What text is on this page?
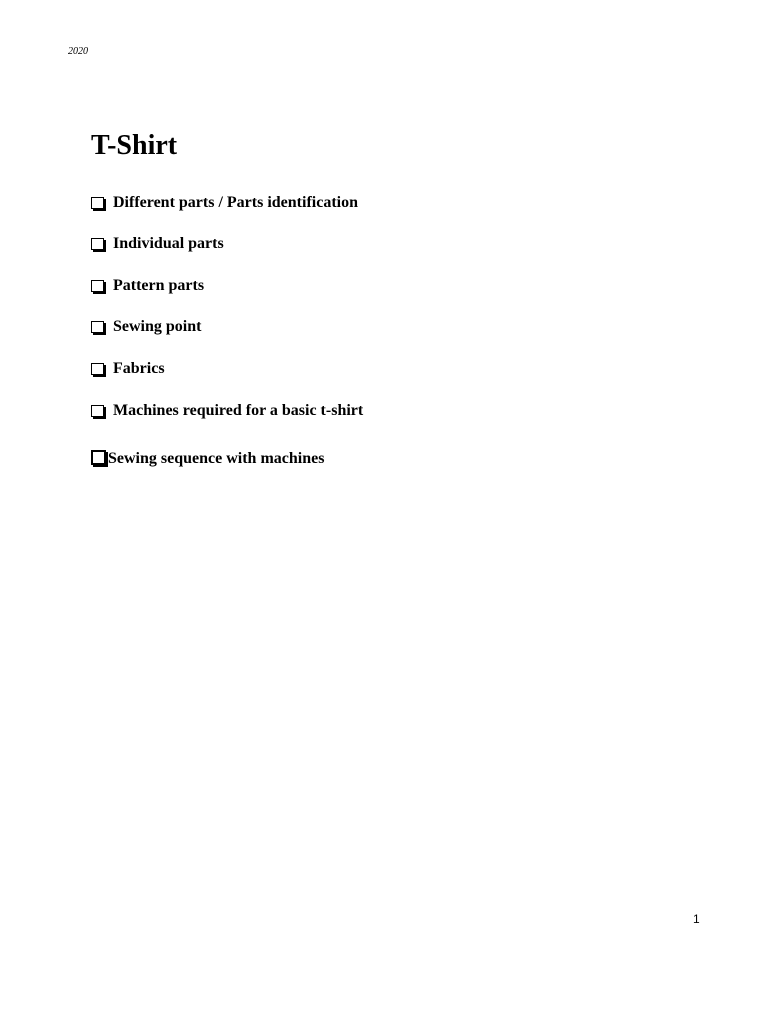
2020
T-Shirt
Different parts / Parts identification
Individual parts
Pattern parts
Sewing point
Fabrics
Machines required for a basic t-shirt
Sewing sequence with machines
1
